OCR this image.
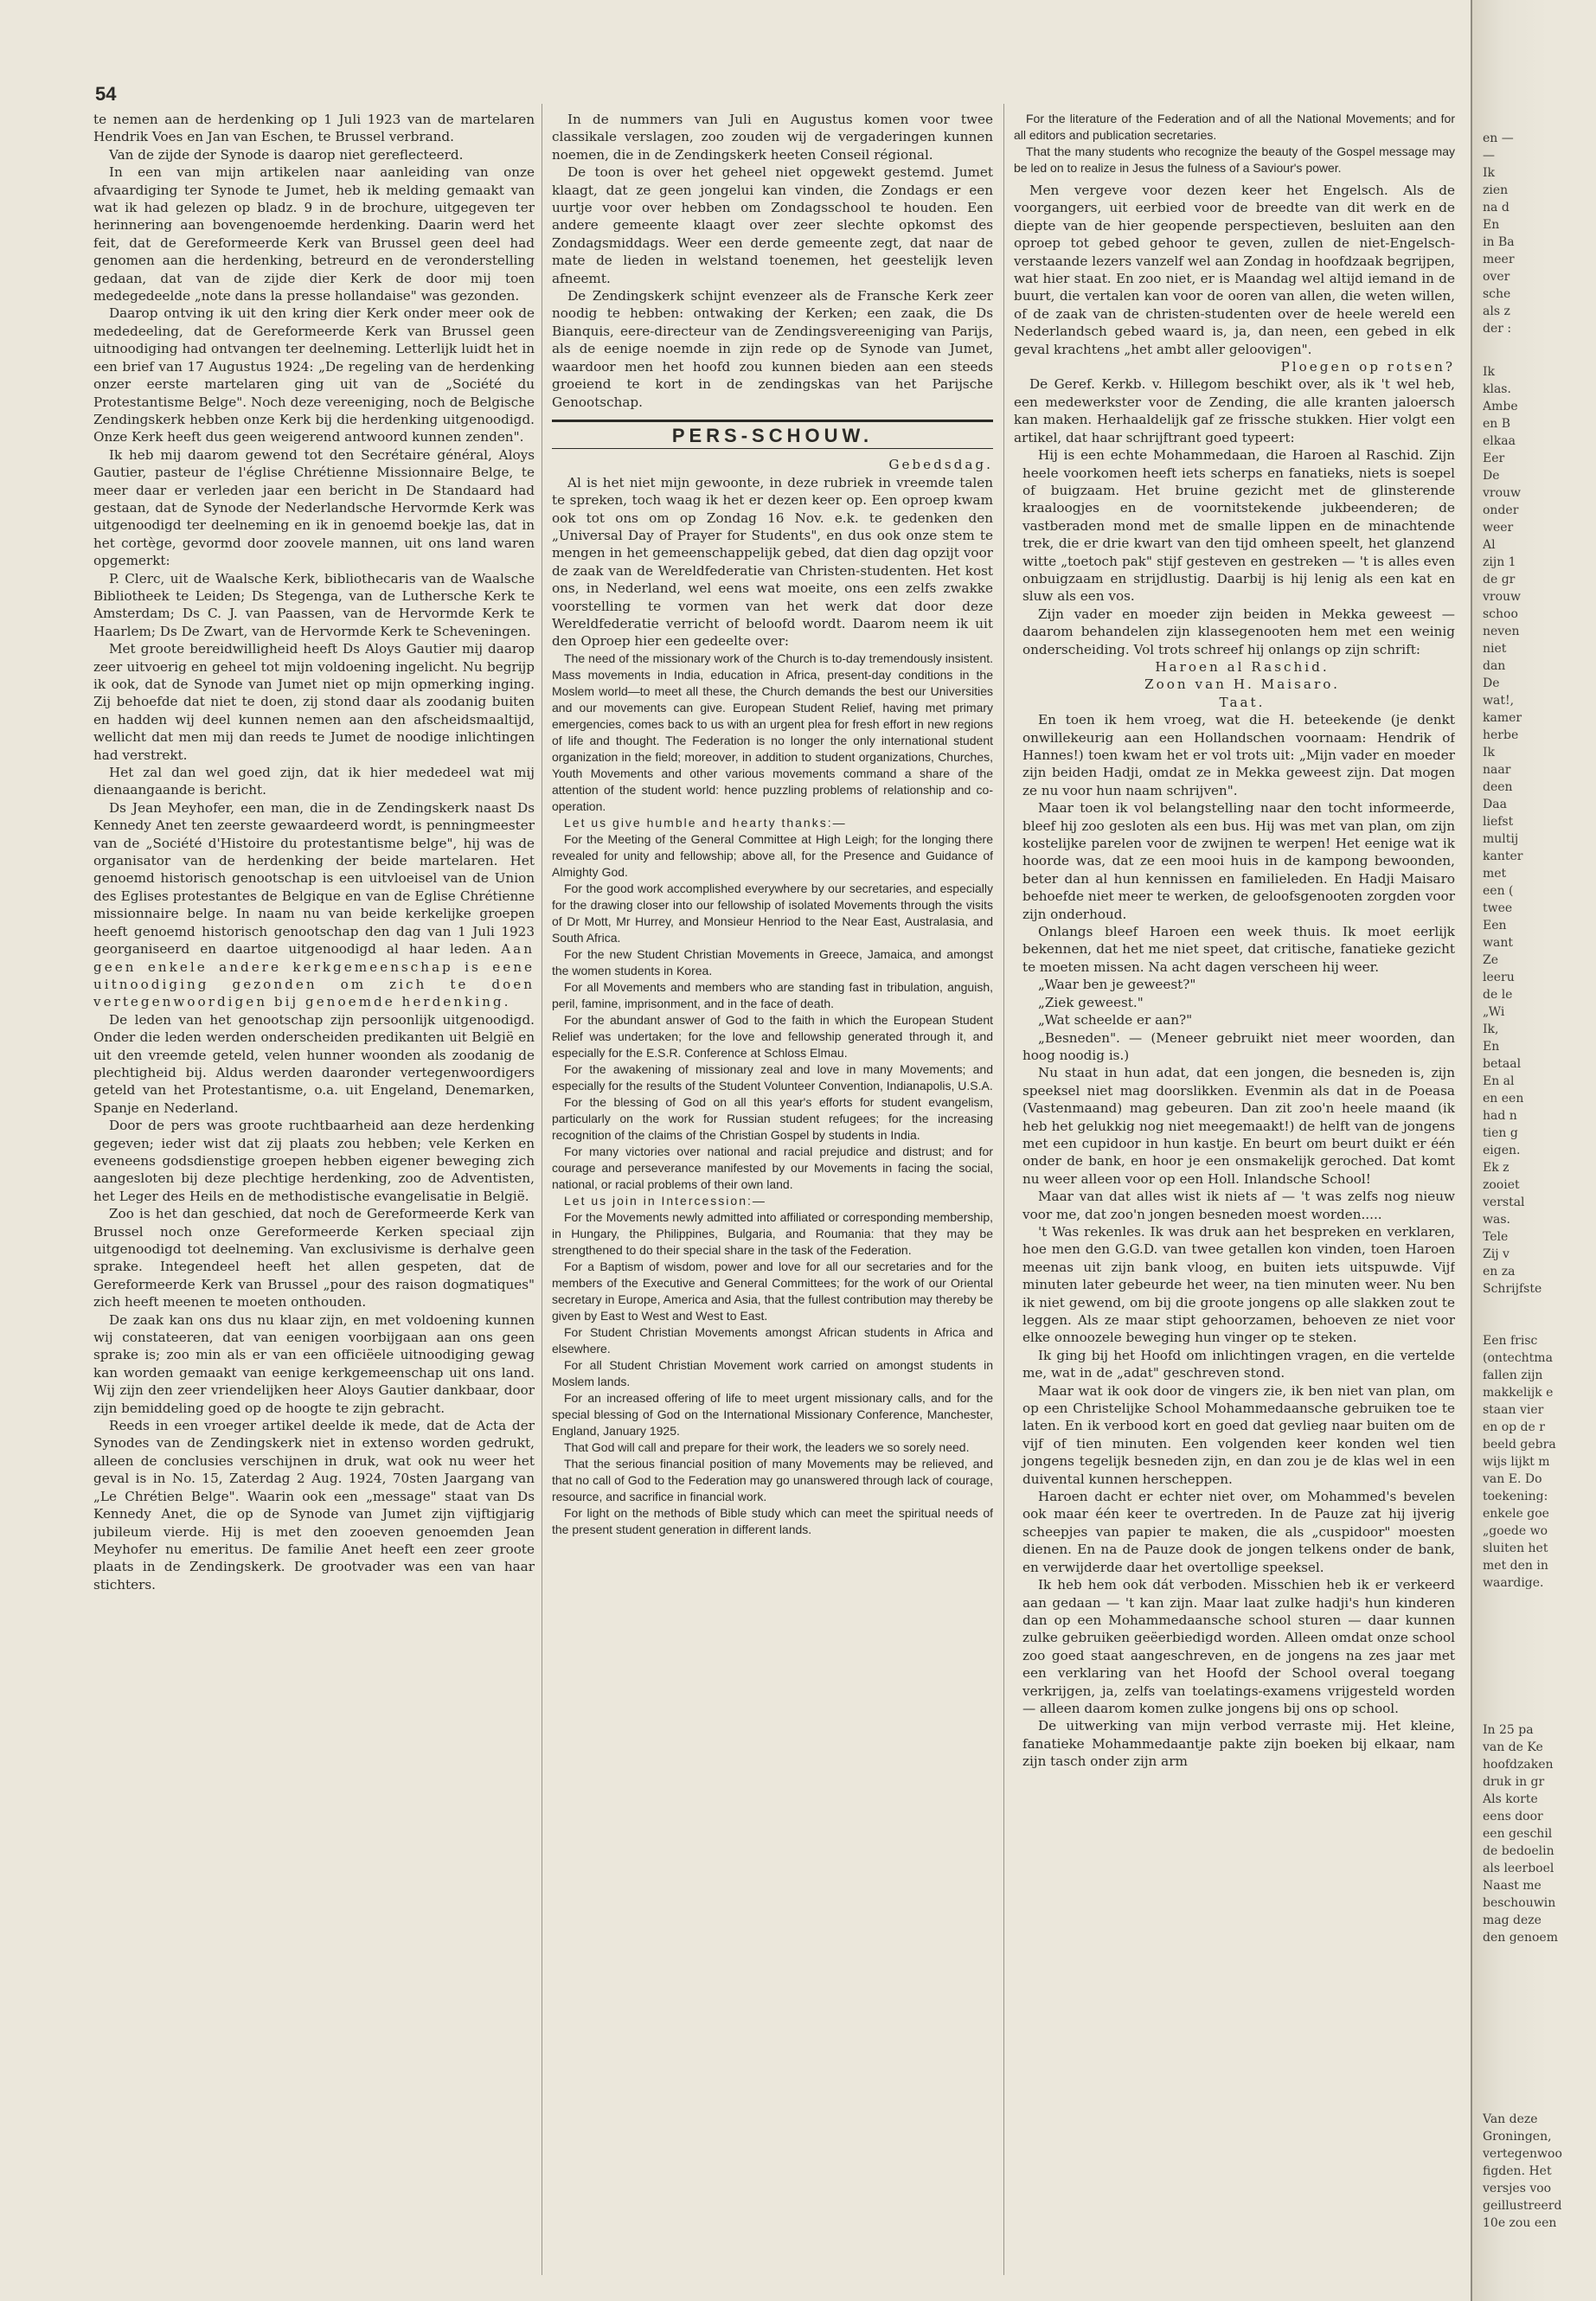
54

te nemen aan de herdenking op 1 Juli 1923 van de martelaren Hendrik Voes en Jan van Eschen, te Brussel verbrand.

Van de zijde der Synode is daarop niet gereflecteerd.

In een van mijn artikelen naar aanleiding van onze afvaardiging ter Synode te Jumet, heb ik melding gemaakt van wat ik had gelezen op bladz. 9 in de brochure, uitgegeven ter herinnering aan bovengenoemde herdenking. Daarin werd het feit, dat de Gereformeerde Kerk van Brussel geen deel had genomen aan die herdenking, betreurd en de veronderstelling gedaan, dat van de zijde dier Kerk de door mij toen medegedeelde „note dans la presse hollandaise" was gezonden.

Daarop ontving ik uit den kring dier Kerk onder meer ook de mededeeling, dat de Gereformeerde Kerk van Brussel geen uitnoodiging had ontvangen ter deelneming. Letterlijk luidt het in een brief van 17 Augustus 1924: „De regeling van de herdenking onzer eerste martelaren ging uit van de „Société du Protestantisme Belge". Noch deze vereeniging, noch de Belgische Zendingskerk hebben onze Kerk bij die herdenking uitgenoodigd. Onze Kerk heeft dus geen weigerend antwoord kunnen zenden".

Ik heb mij daarom gewend tot den Secrétaire général, Aloys Gautier, pasteur de l'église Chrétienne Missionnaire Belge, te meer daar er verleden jaar een bericht in De Standaard had gestaan, dat de Synode der Nederlandsche Hervormde Kerk was uitgenoodigd ter deelneming en ik in genoemd boekje las, dat in het cortège, gevormd door zoovele mannen, uit ons land waren opgemerkt:

P. Clerc, uit de Waalsche Kerk, bibliothecaris van de Waalsche Bibliotheek te Leiden; Ds Stegenga, van de Luthersche Kerk te Amsterdam; Ds C. J. van Paassen, van de Hervormde Kerk te Haarlem; Ds De Zwart, van de Hervormde Kerk te Scheveningen.

Met groote bereidwilligheid heeft Ds Aloys Gautier mij daarop zeer uitvoerig en geheel tot mijn voldoening ingelicht. Nu begrijp ik ook, dat de Synode van Jumet niet op mijn opmerking inging. Zij behoefde dat niet te doen, zij stond daar als zoodanig buiten en hadden wij deel kunnen nemen aan den afscheidsmaaltijd, wellicht dat men mij dan reeds te Jumet de noodige inlichtingen had verstrekt.

Het zal dan wel goed zijn, dat ik hier mededeel wat mij dienaangaande is bericht.

Ds Jean Meyhofer, een man, die in de Zendingskerk naast Ds Kennedy Anet ten zeerste gewaardeerd wordt, is penningmeester van de „Société d'Histoire du protestantisme belge", hij was de organisator van de herdenking der beide martelaren. Het genoemd historisch genootschap is een uitvloeisel van de Union des Eglises protestantes de Belgique en van de Eglise Chrétienne missionnaire belge. In naam nu van beide kerkelijke groepen heeft genoemd historisch genootschap den dag van 1 Juli 1923 georganiseerd en daartoe uitgenoodigd al haar leden. Aan geen enkele andere kerkgemeenschap is eene uitnoodiging gezonden om zich te doen vertegenwoordigen bij genoemde herdenking.

De leden van het genootschap zijn persoonlijk uitgenoodigd. Onder die leden werden onderscheiden predikanten uit België en uit den vreemde geteld, velen hunner woonden als zoodanig de plechtigheid bij. Aldus werden daaronder vertegenwoordigers geteld van het Protestantisme, o.a. uit Engeland, Denemarken, Spanje en Nederland.

Door de pers was groote ruchtbaarheid aan deze herdenking gegeven; ieder wist dat zij plaats zou hebben; vele Kerken en eveneens godsdienstige groepen hebben eigener beweging zich aangesloten bij deze plechtige herdenking, zoo de Adventisten, het Leger des Heils en de methodistische evangelisatie in België.

Zoo is het dan geschied, dat noch de Gereformeerde Kerk van Brussel noch onze Gereformeerde Kerken speciaal zijn uitgenoodigd tot deelneming. Van exclusivisme is derhalve geen sprake. Integendeel heeft het allen gespeten, dat de Gereformeerde Kerk van Brussel „pour des raison dogmatiques" zich heeft meenen te moeten onthouden.

De zaak kan ons dus nu klaar zijn, en met voldoening kunnen wij constateeren, dat van eenigen voorbijgaan aan ons geen sprake is; zoo min als er van een officiëele uitnoodiging gewag kan worden gemaakt van eenige kerkgemeenschap uit ons land. Wij zijn den zeer vriendelijken heer Aloys Gautier dankbaar, door zijn bemiddeling goed op de hoogte te zijn gebracht.

Reeds in een vroeger artikel deelde ik mede, dat de Acta der Synodes van de Zendingskerk niet in extenso worden gedrukt, alleen de conclusies verschijnen in druk, wat ook nu weer het geval is in No. 15, Zaterdag 2 Aug. 1924, 70sten Jaargang van „Le Chrétien Belge". Waarin ook een „message" staat van Ds Kennedy Anet, die op de Synode van Jumet zijn vijftigjarig jubileum vierde. Hij is met den zooeven genoemden Jean Meyhofer nu emeritus. De familie Anet heeft een zeer groote plaats in de Zendingskerk. De grootvader was een van haar stichters.

In de nummers van Juli en Augustus komen voor twee classikale verslagen, zoo zouden wij de vergaderingen kunnen noemen, die in de Zendingskerk heeten Conseil régional.

De toon is over het geheel niet opgewekt gestemd. Jumet klaagt, dat ze geen jongelui kan vinden, die Zondags er een uurtje voor over hebben om Zondagsschool te houden. Een andere gemeente klaagt over zeer slechte opkomst des Zondagsmiddags. Weer een derde gemeente zegt, dat naar de mate de lieden in welstand toenemen, het geestelijk leven afneemt.

De Zendingskerk schijnt evenzeer als de Fransche Kerk zeer noodig te hebben: ontwaking der Kerken; een zaak, die Ds Bianquis, eere-directeur van de Zendingsvereeniging van Parijs, als de eenige noemde in zijn rede op de Synode van Jumet, waardoor men het hoofd zou kunnen bieden aan een steeds groeiend te kort in de zendingskas van het Parijsche Genootschap.

PERS-SCHOUW.

Gebedsdag.

Al is het niet mijn gewoonte, in deze rubriek in vreemde talen te spreken, toch waag ik het er dezen keer op. Een oproep kwam ook tot ons om op Zondag 16 Nov. e.k. te gedenken den „Universal Day of Prayer for Students", en dus ook onze stem te mengen in het gemeenschappelijk gebed, dat dien dag opzijt voor de zaak van de Wereldfederatie van Christen-studenten. Het kost ons, in Nederland, wel eens wat moeite, ons een zelfs zwakke voorstelling te vormen van het werk dat door deze Wereldfederatie verricht of beloofd wordt. Daarom neem ik uit den Oproep hier een gedeelte over:

The need of the missionary work of the Church is to-day tremendously insistent. Mass movements in India, education in Africa, present-day conditions in the Moslem world—to meet all these, the Church demands the best our Universities and our movements can give. European Student Relief, having met primary emergencies, comes back to us with an urgent plea for fresh effort in new regions of life and thought. The Federation is no longer the only international student organization in the field; moreover, in addition to student organizations, Churches, Youth Movements and other various movements command a share of the attention of the student world: hence puzzling problems of relationship and co-operation.

Let us give humble and hearty thanks:—

For the Meeting of the General Committee at High Leigh; for the longing there revealed for unity and fellowship; above all, for the Presence and Guidance of Almighty God.

For the good work accomplished everywhere by our secretaries, and especially for the drawing closer into our fellowship of isolated Movements through the visits of Dr Mott, Mr Hurrey, and Monsieur Henriod to the Near East, Australasia, and South Africa.

For the new Student Christian Movements in Greece, Jamaica, and amongst the women students in Korea.

For all Movements and members who are standing fast in tribulation, anguish, peril, famine, imprisonment, and in the face of death.

For the abundant answer of God to the faith in which the European Student Relief was undertaken; for the love and fellowship generated through it, and especially for the E.S.R. Conference at Schloss Elmau.

For the awakening of missionary zeal and love in many Movements; and especially for the results of the Student Volunteer Convention, Indianapolis, U.S.A.

For the blessing of God on all this year's efforts for student evangelism, particularly on the work for Russian student refugees; for the increasing recognition of the claims of the Christian Gospel by students in India.

For many victories over national and racial prejudice and distrust; and for courage and perseverance manifested by our Movements in facing the social, national, or racial problems of their own land.

Let us join in Intercession:—

For the Movements newly admitted into affiliated or corresponding membership, in Hungary, the Philippines, Bulgaria, and Roumania: that they may be strengthened to do their special share in the task of the Federation.

For a Baptism of wisdom, power and love for all our secretaries and for the members of the Executive and General Committees; for the work of our Oriental secretary in Europe, America and Asia, that the fullest contribution may thereby be given by East to West and West to East.

For Student Christian Movements amongst African students in Africa and elsewhere.

For all Student Christian Movement work carried on amongst students in Moslem lands.

For an increased offering of life to meet urgent missionary calls, and for the special blessing of God on the International Missionary Conference, Manchester, England, January 1925.

That God will call and prepare for their work, the leaders we so sorely need.

That the serious financial position of many Movements may be relieved, and that no call of God to the Federation may go unanswered through lack of courage, resource, and sacrifice in financial work.

For light on the methods of Bible study which can meet the spiritual needs of the present student generation in different lands.

For the literature of the Federation and of all the National Movements; and for all editors and publication secretaries.

That the many students who recognize the beauty of the Gospel message may be led on to realize in Jesus the fulness of a Saviour's power.

Men vergeve voor dezen keer het Engelsch. Als de voorgangers, uit eerbied voor de breedte van dit werk en de diepte van de hier geopende perspectieven, besluiten aan den oproep tot gebed gehoor te geven, zullen de niet-Engelsch-verstaande lezers vanzelf wel aan Zondag in hoofdzaak begrijpen, wat hier staat. En zoo niet, er is Maandag wel altijd iemand in de buurt, die vertalen kan voor de ooren van allen, die weten willen, of de zaak van de christen-studenten over de heele wereld een Nederlandsch gebed waard is, ja, dan neen, een gebed in elk geval krachtens „het ambt aller geloovigen".

Ploegen op rotsen?

De Geref. Kerkb. v. Hillegom beschikt over, als ik 't wel heb, een medewerkster voor de Zending, die alle kranten jaloersch kan maken. Herhaaldelijk gaf ze frissche stukken. Hier volgt een artikel, dat haar schrijftrant goed typeert:

Hij is een echte Mohammedaan, die Haroen al Raschid. Zijn heele voorkomen heeft iets scherps en fanatieks, niets is soepel of buigzaam. Het bruine gezicht met de glinsterende kraaloogjes en de voornitstekende jukbeenderen; de vastberaden mond met de smalle lippen en de minachtende trek, die er drie kwart van den tijd omheen speelt, het glanzend witte „toetoch pak" stijf gesteven en gestreken — 't is alles even onbuigzaam en strijdlustig. Daarbij is hij lenig als een kat en sluw als een vos.

Zijn vader en moeder zijn beiden in Mekka geweest — daarom behandelen zijn klassegenooten hem met een weinig onderscheiding. Vol trots schreef hij onlangs op zijn schrift:

Haroen al Raschid.

Zoon van H. Maisaro.

Taat.

En toen ik hem vroeg, wat die H. beteekende (je denkt onwillekeurig aan een Hollandschen voornaam: Hendrik of Hannes!) toen kwam het er vol trots uit: „Mijn vader en moeder zijn beiden Hadji, omdat ze in Mekka geweest zijn. Dat mogen ze nu voor hun naam schrijven".

Maar toen ik vol belangstelling naar den tocht informeerde, bleef hij zoo gesloten als een bus. Hij was met van plan, om zijn kostelijke parelen voor de zwijnen te werpen! Het eenige wat ik hoorde was, dat ze een mooi huis in de kampong bewoonden, beter dan al hun kennissen en familieleden. En Hadji Maisaro behoefde niet meer te werken, de geloofsgenooten zorgden voor zijn onderhoud.

Onlangs bleef Haroen een week thuis. Ik moet eerlijk bekennen, dat het me niet speet, dat critische, fanatieke gezicht te moeten missen. Na acht dagen verscheen hij weer.

„Waar ben je geweest?"

„Ziek geweest."

„Wat scheelde er aan?"

„Besneden". — (Meneer gebruikt niet meer woorden, dan hoog noodig is.)

Nu staat in hun adat, dat een jongen, die besneden is, zijn speeksel niet mag doorslikken. Evenmin als dat in de Poeasa (Vastenmaand) mag gebeuren. Dan zit zoo'n heele maand (ik heb het gelukkig nog niet meegemaakt!) de helft van de jongens met een cupidoor in hun kastje. En beurt om beurt duikt er één onder de bank, en hoor je een onsmakelijk geroched. Dat komt nu weer alleen voor op een Holl. Inlandsche School!

Maar van dat alles wist ik niets af — 't was zelfs nog nieuw voor me, dat zoo'n jongen besneden moest worden.....

't Was rekenles. Ik was druk aan het bespreken en verklaren, hoe men den G.G.D. van twee getallen kon vinden, toen Haroen meenas uit zijn bank vloog, en buiten iets uitspuwde. Vijf minuten later gebeurde het weer, na tien minuten weer. Nu ben ik niet gewend, om bij die groote jongens op alle slakken zout te leggen. Als ze maar stipt gehoorzamen, behoeven ze niet voor elke onnoozele beweging hun vinger op te steken.

Ik ging bij het Hoofd om inlichtingen vragen, en die vertelde me, wat in de „adat" geschreven stond.

Maar wat ik ook door de vingers zie, ik ben niet van plan, om op een Christelijke School Mohammedaansche gebruiken toe te laten. En ik verbood kort en goed dat gevlieg naar buiten om de vijf of tien minuten. Een volgenden keer konden wel tien jongens tegelijk besneden zijn, en dan zou je de klas wel in een duivental kunnen herscheppen.

Haroen dacht er echter niet over, om Mohammed's bevelen ook maar één keer te overtreden. In de Pauze zat hij ijverig scheepjes van papier te maken, die als „cuspidoor" moesten dienen. En na de Pauze dook de jongen telkens onder de bank, en verwijderde daar het overtollige speeksel.

Ik heb hem ook dát verboden. Misschien heb ik er verkeerd aan gedaan — 't kan zijn. Maar laat zulke hadji's hun kinderen dan op een Mohammedaansche school sturen — daar kunnen zulke gebruiken geëerbiedigd worden. Alleen omdat onze school zoo goed staat aangeschreven, en de jongens na zes jaar met een verklaring van het Hoofd der School overal toegang verkrijgen, ja, zelfs van toelatings-examens vrijgesteld worden — alleen daarom komen zulke jongens bij ons op school.

De uitwerking van mijn verbod verraste mij. Het kleine, fanatieke Mohammedaantje pakte zijn boeken bij elkaar, nam zijn tasch onder zijn arm

en —
—
Ik
zien
na d
En
in Ba
meer
over
sche
als z
der :
Ik
klas.
Ambe
en B
elkaa
Eer
De
vrouw
onder
weer
Al
zijn 1
de gr
vrouw
schoo
neven
niet
dan
De
wat!,
kamer
herbe
Ik
naar
deen
Daa
liefst
multij
kanter
met
een (
twee
Een
want
Ze
leeru
de le
„Wi
Ik,
En
betaal
En al
en een
had n
tien g
eigen.
Ek z
zooiet
verstal
was.
Tele
Zij v
en za
Schrijfste
Een frisc
(ontechtma
fallen zijn
makkelijk e
staan vier
en op de r
beeld gebra
wijs lijkt m
van E. Do
toekening:
enkele goe
„goede wo
sluiten het
met den in
waardige.
In 25 pa
van de Ke
hoofdzaken
druk in gr
Als korte
eens door
een geschil
de bedoelin
als leerboel
Naast me
beschouwin
mag deze
den genoem
Van deze
Groningen,
vertegenwoo
figden. Het
versjes voo
geillustreerd
10e zou een
